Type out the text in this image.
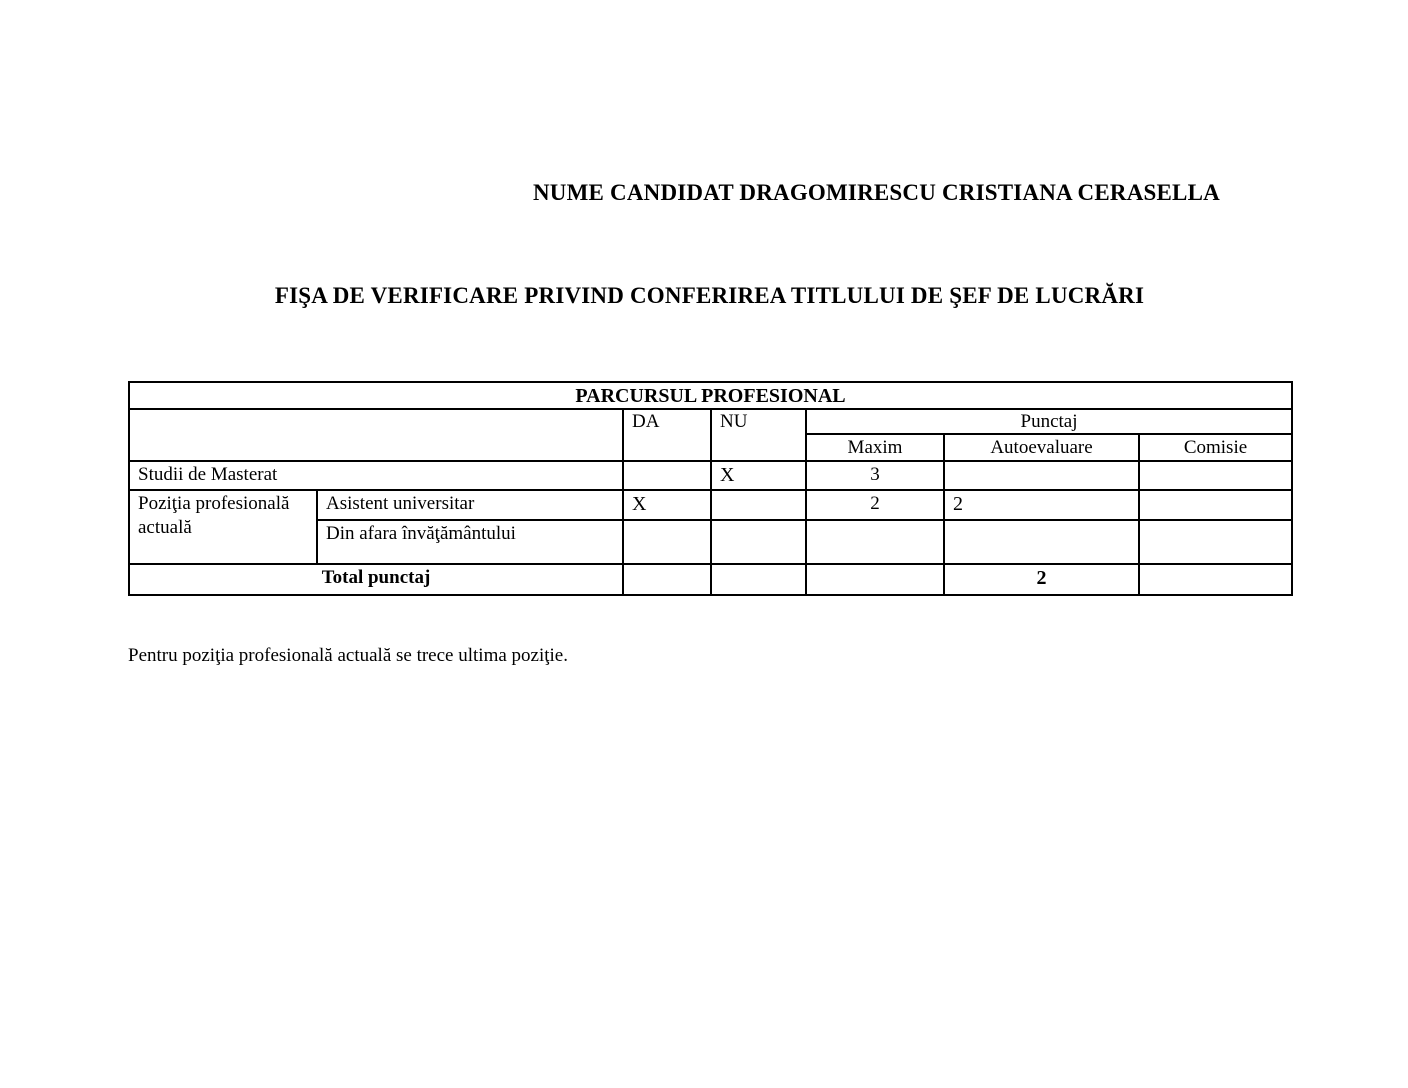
NUME CANDIDAT DRAGOMIRESCU CRISTIANA CERASELLA
FIŞA DE VERIFICARE PRIVIND CONFERIREA TITLULUI DE ŞEF DE LUCRĂRI
PARCURSUL PROFESIONAL						
		DA	NU	Punctaj		
				Maxim	Autoevaluare	Comisie
Studii de Masterat			X	3		
Poziţia profesională actuală	Asistent universitar	X		2	2	
	Din afara învăţământului					
Total punctaj					2	
Pentru poziţia profesională actuală se trece ultima poziţie.
